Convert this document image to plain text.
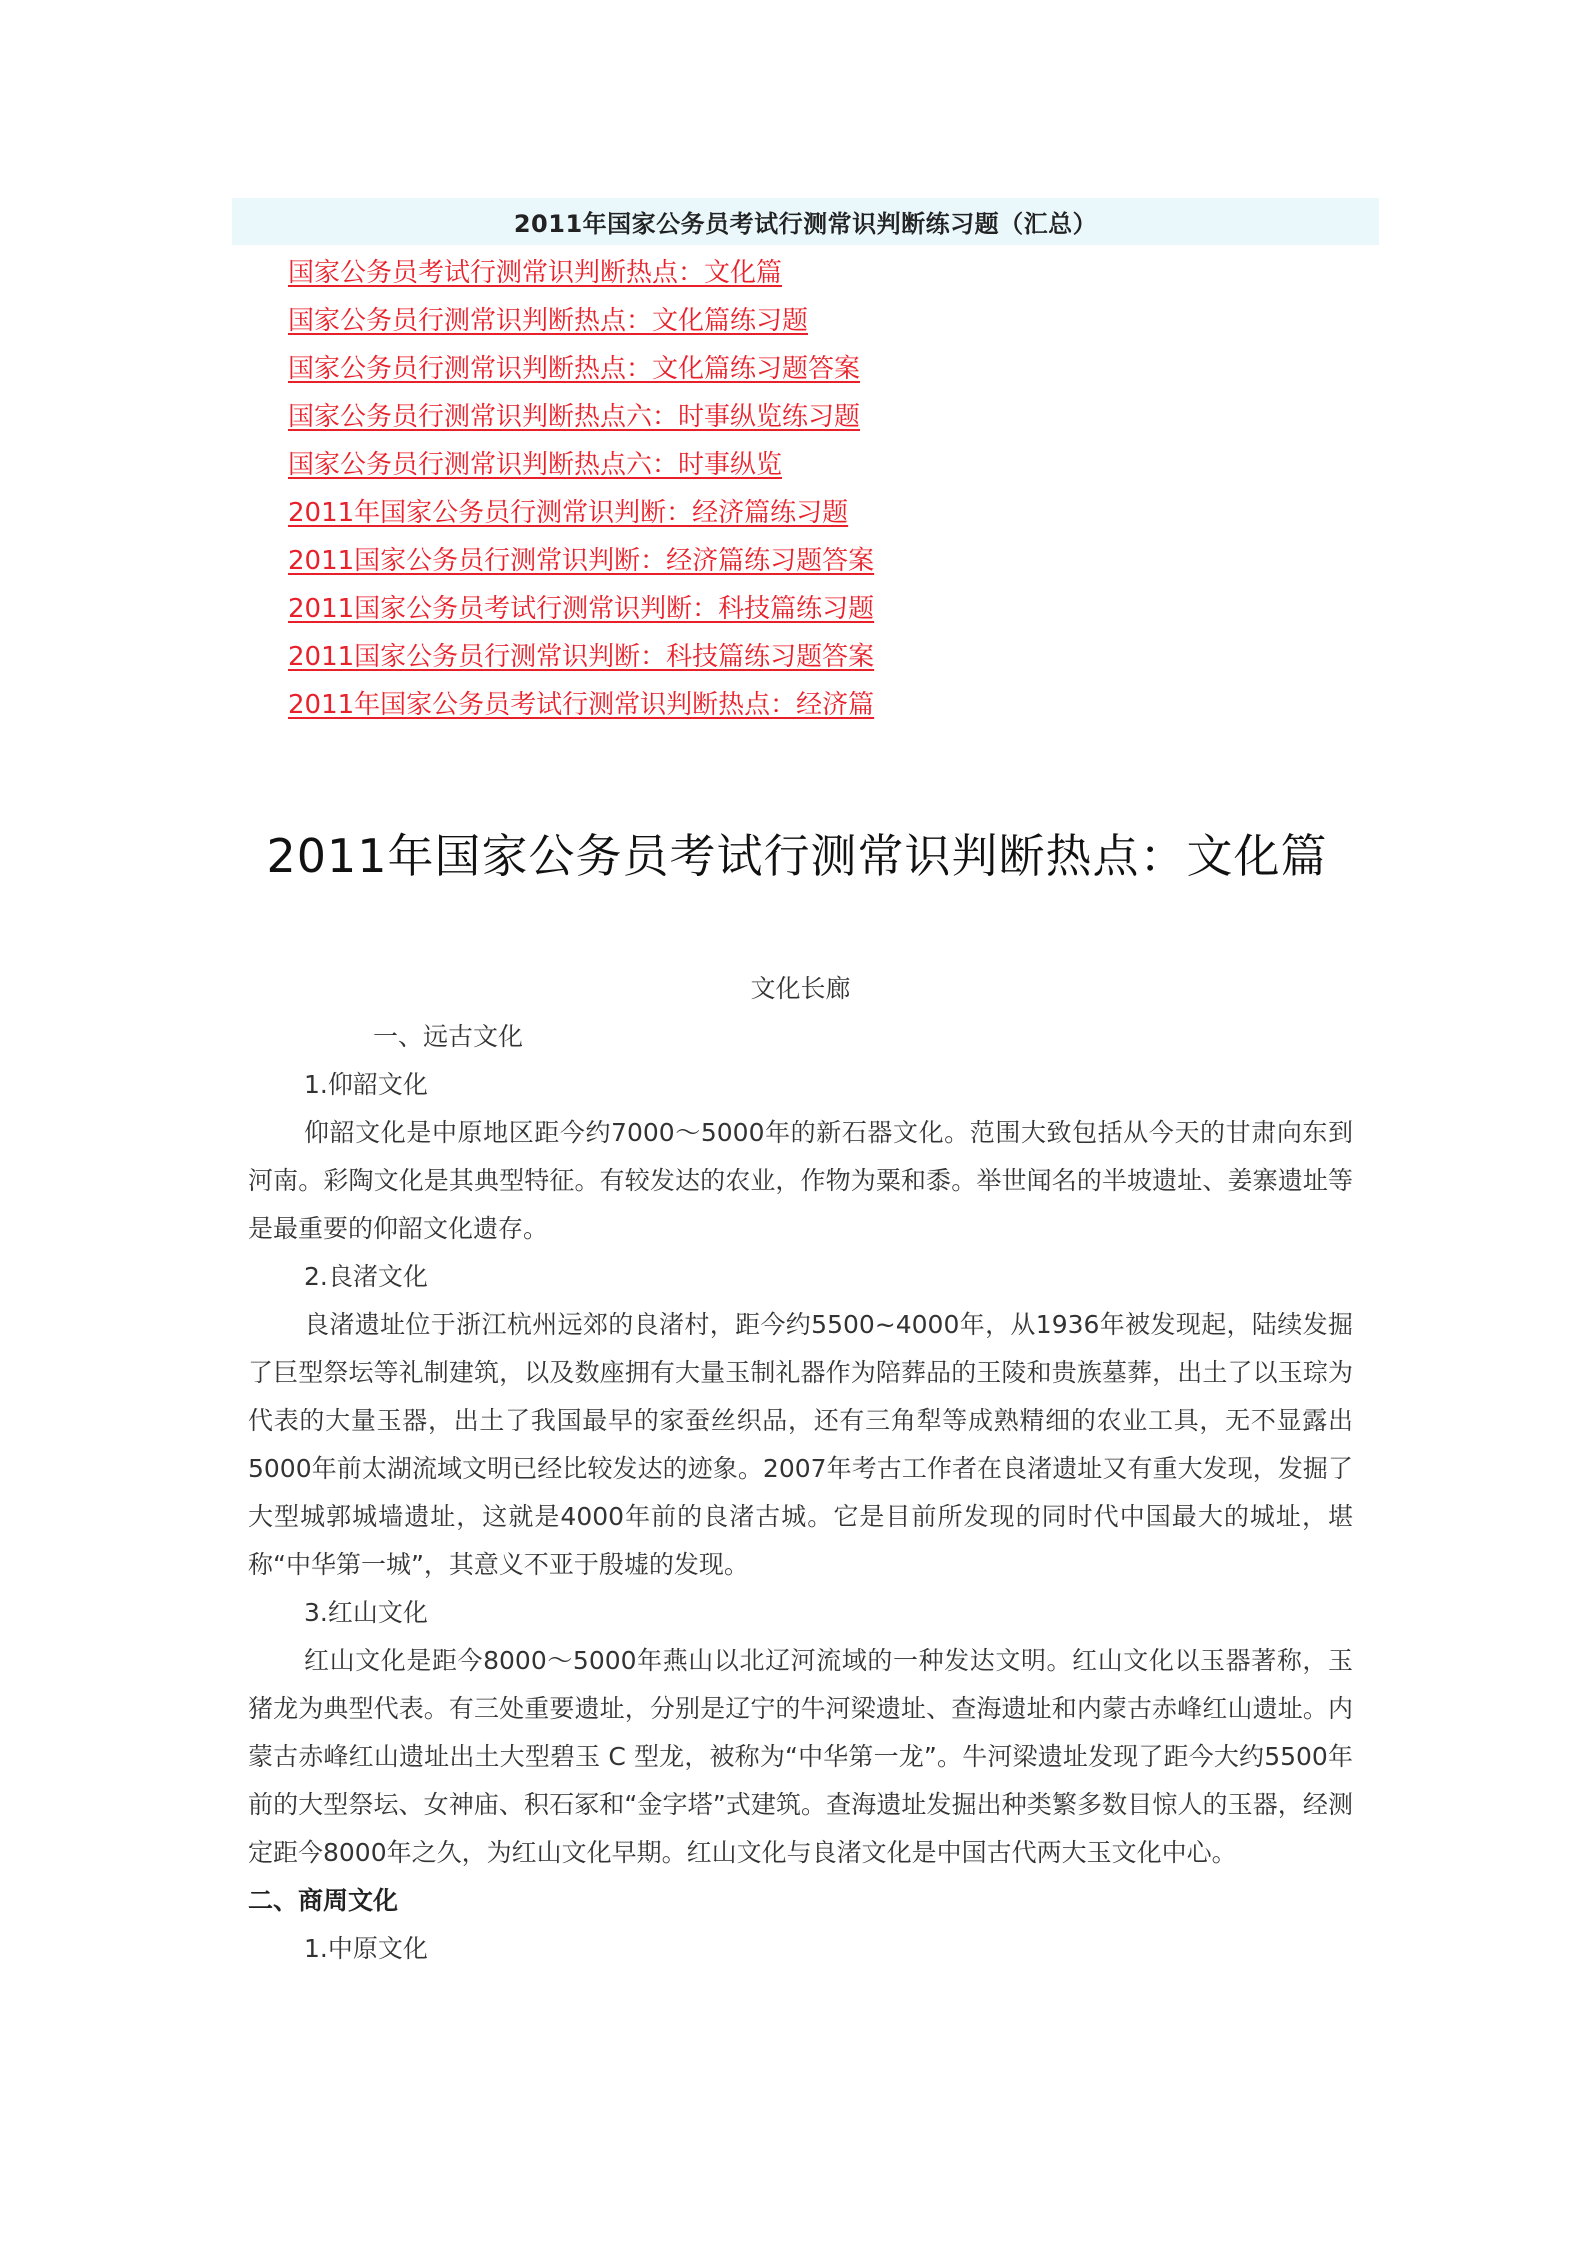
2011年国家公务员考试行测常识判断练习题（汇总）
国家公务员考试行测常识判断热点：文化篇
国家公务员行测常识判断热点：文化篇练习题
国家公务员行测常识判断热点：文化篇练习题答案
国家公务员行测常识判断热点六：时事纵览练习题
国家公务员行测常识判断热点六：时事纵览
2011年国家公务员行测常识判断：经济篇练习题
2011国家公务员行测常识判断：经济篇练习题答案
2011国家公务员考试行测常识判断：科技篇练习题
2011国家公务员行测常识判断：科技篇练习题答案
2011年国家公务员考试行测常识判断热点：经济篇
2011年国家公务员考试行测常识判断热点：文化篇
文化长廊
一、远古文化
1.仰韶文化
仰韶文化是中原地区距今约7000～5000年的新石器文化。范围大致包括从今天的甘肃向东到河南。彩陶文化是其典型特征。有较发达的农业，作物为粟和黍。举世闻名的半坡遗址、姜寨遗址等是最重要的仰韶文化遗存。
2.良渚文化
良渚遗址位于浙江杭州远郊的良渚村，距今约5500~4000年，从1936年被发现起，陆续发掘了巨型祭坛等礼制建筑，以及数座拥有大量玉制礼器作为陪葬品的王陵和贵族墓葬，出土了以玉琮为代表的大量玉器，出土了我国最早的家蚕丝织品，还有三角犁等成熟精细的农业工具，无不显露出5000年前太湖流域文明已经比较发达的迹象。2007年考古工作者在良渚遗址又有重大发现，发掘了大型城郭城墙遗址，这就是4000年前的良渚古城。它是目前所发现的同时代中国最大的城址，堪称“中华第一城”，其意义不亚于殷墟的发现。
3.红山文化
红山文化是距今8000～5000年燕山以北辽河流域的一种发达文明。红山文化以玉器著称，玉猪龙为典型代表。有三处重要遗址，分别是辽宁的牛河梁遗址、查海遗址和内蒙古赤峰红山遗址。内蒙古赤峰红山遗址出土大型碧玉 C 型龙，被称为“中华第一龙”。牛河梁遗址发现了距今大约5500年前的大型祭坛、女神庙、积石冢和“金字塔”式建筑。查海遗址发掘出种类繁多数目惊人的玉器，经测定距今8000年之久，为红山文化早期。红山文化与良渚文化是中国古代两大玉文化中心。
二、商周文化
1.中原文化
